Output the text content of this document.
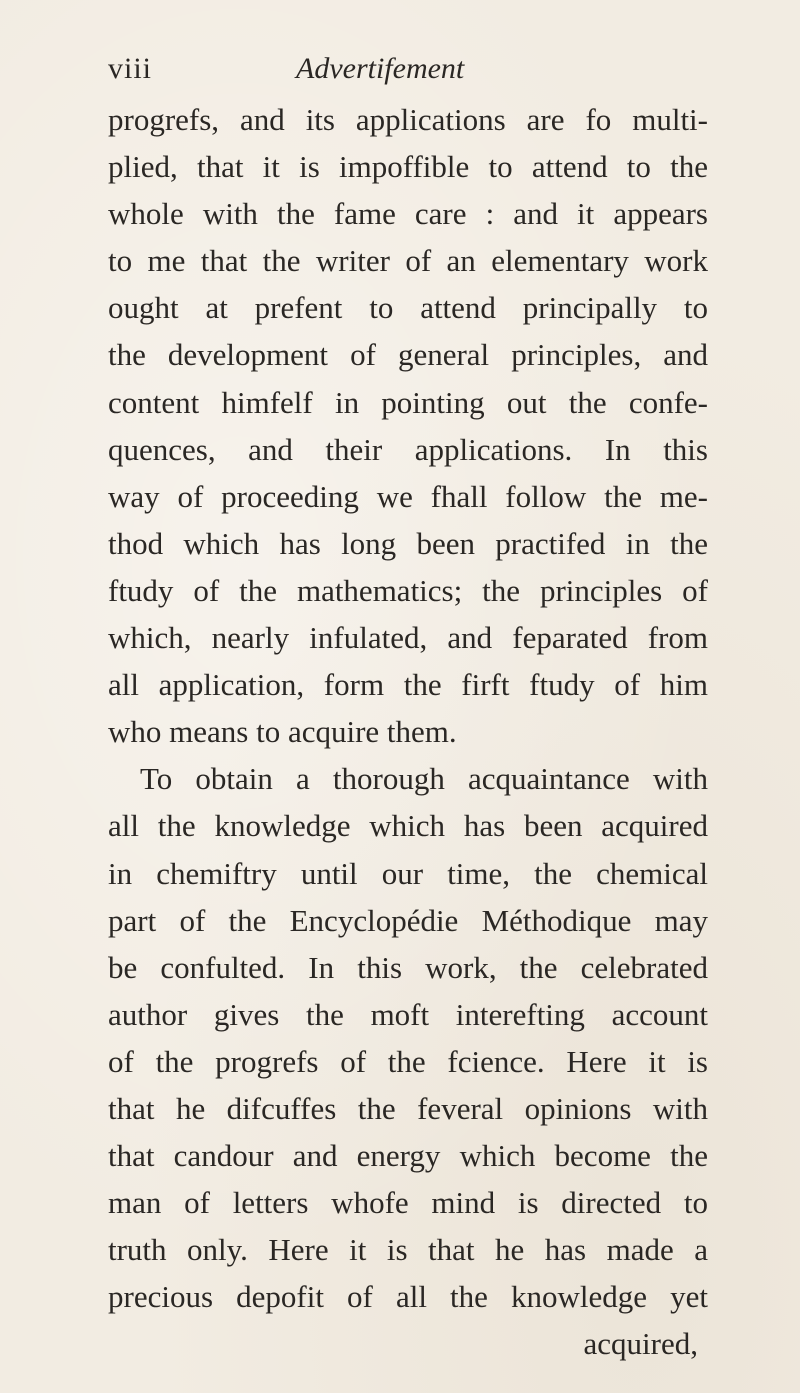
viii	Advertifement
progrefs, and its applications are fo multi-
plied, that it is impoffible to attend to the
whole with the fame care : and it appears
to me that the writer of an elementary work
ought at prefent to attend principally to
the development of general principles, and
content himfelf in pointing out the confe-
quences, and their applications. In this
way of proceeding we fhall follow the me-
thod which has long been practifed in the
ftudy of the mathematics; the principles of
which, nearly infulated, and feparated from
all application, form the firft ftudy of him
who means to acquire them.
To obtain a thorough acquaintance with
all the knowledge which has been acquired
in chemiftry until our time, the chemical
part of the Encyclopédie Méthodique may
be confulted. In this work, the celebrated
author gives the moft interefting account
of the progrefs of the fcience. Here it is
that he difcuffes the feveral opinions with
that candour and energy which become the
man of letters whofe mind is directed to
truth only. Here it is that he has made a
precious depofit of all the knowledge yet
acquired,
